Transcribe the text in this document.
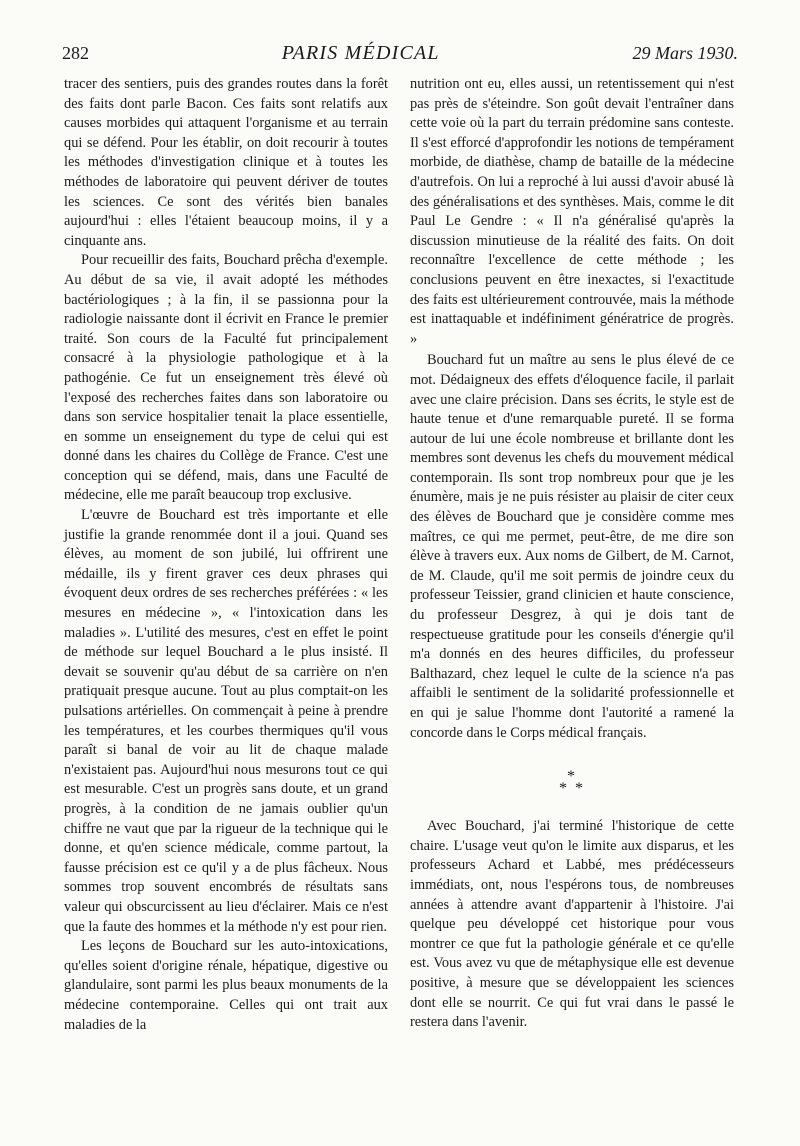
282	PARIS MÉDICAL	29 Mars 1930.

tracer des sentiers, puis des grandes routes dans la forêt des faits dont parle Bacon. Ces faits sont relatifs aux causes morbides qui attaquent l'organisme et au terrain qui se défend. Pour les établir, on doit recourir à toutes les méthodes d'investigation clinique et à toutes les méthodes de laboratoire qui peuvent dériver de toutes les sciences. Ce sont des vérités bien banales aujourd'hui : elles l'étaient beaucoup moins, il y a cinquante ans.

Pour recueillir des faits, Bouchard prêcha d'exemple. Au début de sa vie, il avait adopté les méthodes bactériologiques ; à la fin, il se passionna pour la radiologie naissante dont il écrivit en France le premier traité. Son cours de la Faculté fut principalement consacré à la physiologie pathologique et à la pathogénie. Ce fut un enseignement très élevé où l'exposé des recherches faites dans son laboratoire ou dans son service hospitalier tenait la place essentielle, en somme un enseignement du type de celui qui est donné dans les chaires du Collège de France. C'est une conception qui se défend, mais, dans une Faculté de médecine, elle me paraît beaucoup trop exclusive.

L'œuvre de Bouchard est très importante et elle justifie la grande renommée dont il a joui. Quand ses élèves, au moment de son jubilé, lui offrirent une médaille, ils y firent graver ces deux phrases qui évoquent deux ordres de ses recherches préférées : « les mesures en médecine », « l'intoxication dans les maladies ». L'utilité des mesures, c'est en effet le point de méthode sur lequel Bouchard a le plus insisté. Il devait se souvenir qu'au début de sa carrière on n'en pratiquait presque aucune. Tout au plus comptait-on les pulsations artérielles. On commençait à peine à prendre les températures, et les courbes thermiques qu'il vous paraît si banal de voir au lit de chaque malade n'existaient pas. Aujourd'hui nous mesurons tout ce qui est mesurable. C'est un progrès sans doute, et un grand progrès, à la condition de ne jamais oublier qu'un chiffre ne vaut que par la rigueur de la technique qui le donne, et qu'en science médicale, comme partout, la fausse précision est ce qu'il y a de plus fâcheux. Nous sommes trop souvent encombrés de résultats sans valeur qui obscurcissent au lieu d'éclairer. Mais ce n'est que la faute des hommes et la méthode n'y est pour rien.

Les leçons de Bouchard sur les auto-intoxications, qu'elles soient d'origine rénale, hépatique, digestive ou glandulaire, sont parmi les plus beaux monuments de la médecine contemporaine. Celles qui ont trait aux maladies de la

nutrition ont eu, elles aussi, un retentissement qui n'est pas près de s'éteindre. Son goût devait l'entraîner dans cette voie où la part du terrain prédomine sans conteste. Il s'est efforcé d'approfondir les notions de tempérament morbide, de diathèse, champ de bataille de la médecine d'autrefois. On lui a reproché à lui aussi d'avoir abusé là des généralisations et des synthèses. Mais, comme le dit Paul Le Gendre : « Il n'a généralisé qu'après la discussion minutieuse de la réalité des faits. On doit reconnaître l'excellence de cette méthode ; les conclusions peuvent en être inexactes, si l'exactitude des faits est ultérieurement controuvée, mais la méthode est inattaquable et indéfiniment génératrice de progrès. »

Bouchard fut un maître au sens le plus élevé de ce mot. Dédaigneux des effets d'éloquence facile, il parlait avec une claire précision. Dans ses écrits, le style est de haute tenue et d'une remarquable pureté. Il se forma autour de lui une école nombreuse et brillante dont les membres sont devenus les chefs du mouvement médical contemporain. Ils sont trop nombreux pour que je les énumère, mais je ne puis résister au plaisir de citer ceux des élèves de Bouchard que je considère comme mes maîtres, ce qui me permet, peut-être, de me dire son élève à travers eux. Aux noms de Gilbert, de M. Carnot, de M. Claude, qu'il me soit permis de joindre ceux du professeur Teissier, grand clinicien et haute conscience, du professeur Desgrez, à qui je dois tant de respectueuse gratitude pour les conseils d'énergie qu'il m'a donnés en des heures difficiles, du professeur Balthazard, chez lequel le culte de la science n'a pas affaibli le sentiment de la solidarité professionnelle et en qui je salue l'homme dont l'autorité a ramené la concorde dans le Corps médical français.

*
* *

Avec Bouchard, j'ai terminé l'historique de cette chaire. L'usage veut qu'on le limite aux disparus, et les professeurs Achard et Labbé, mes prédécesseurs immédiats, ont, nous l'espérons tous, de nombreuses années à attendre avant d'appartenir à l'histoire. J'ai quelque peu développé cet historique pour vous montrer ce que fut la pathologie générale et ce qu'elle est. Vous avez vu que de métaphysique elle est devenue positive, à mesure que se développaient les sciences dont elle se nourrit. Ce qui fut vrai dans le passé le restera dans l'avenir.
